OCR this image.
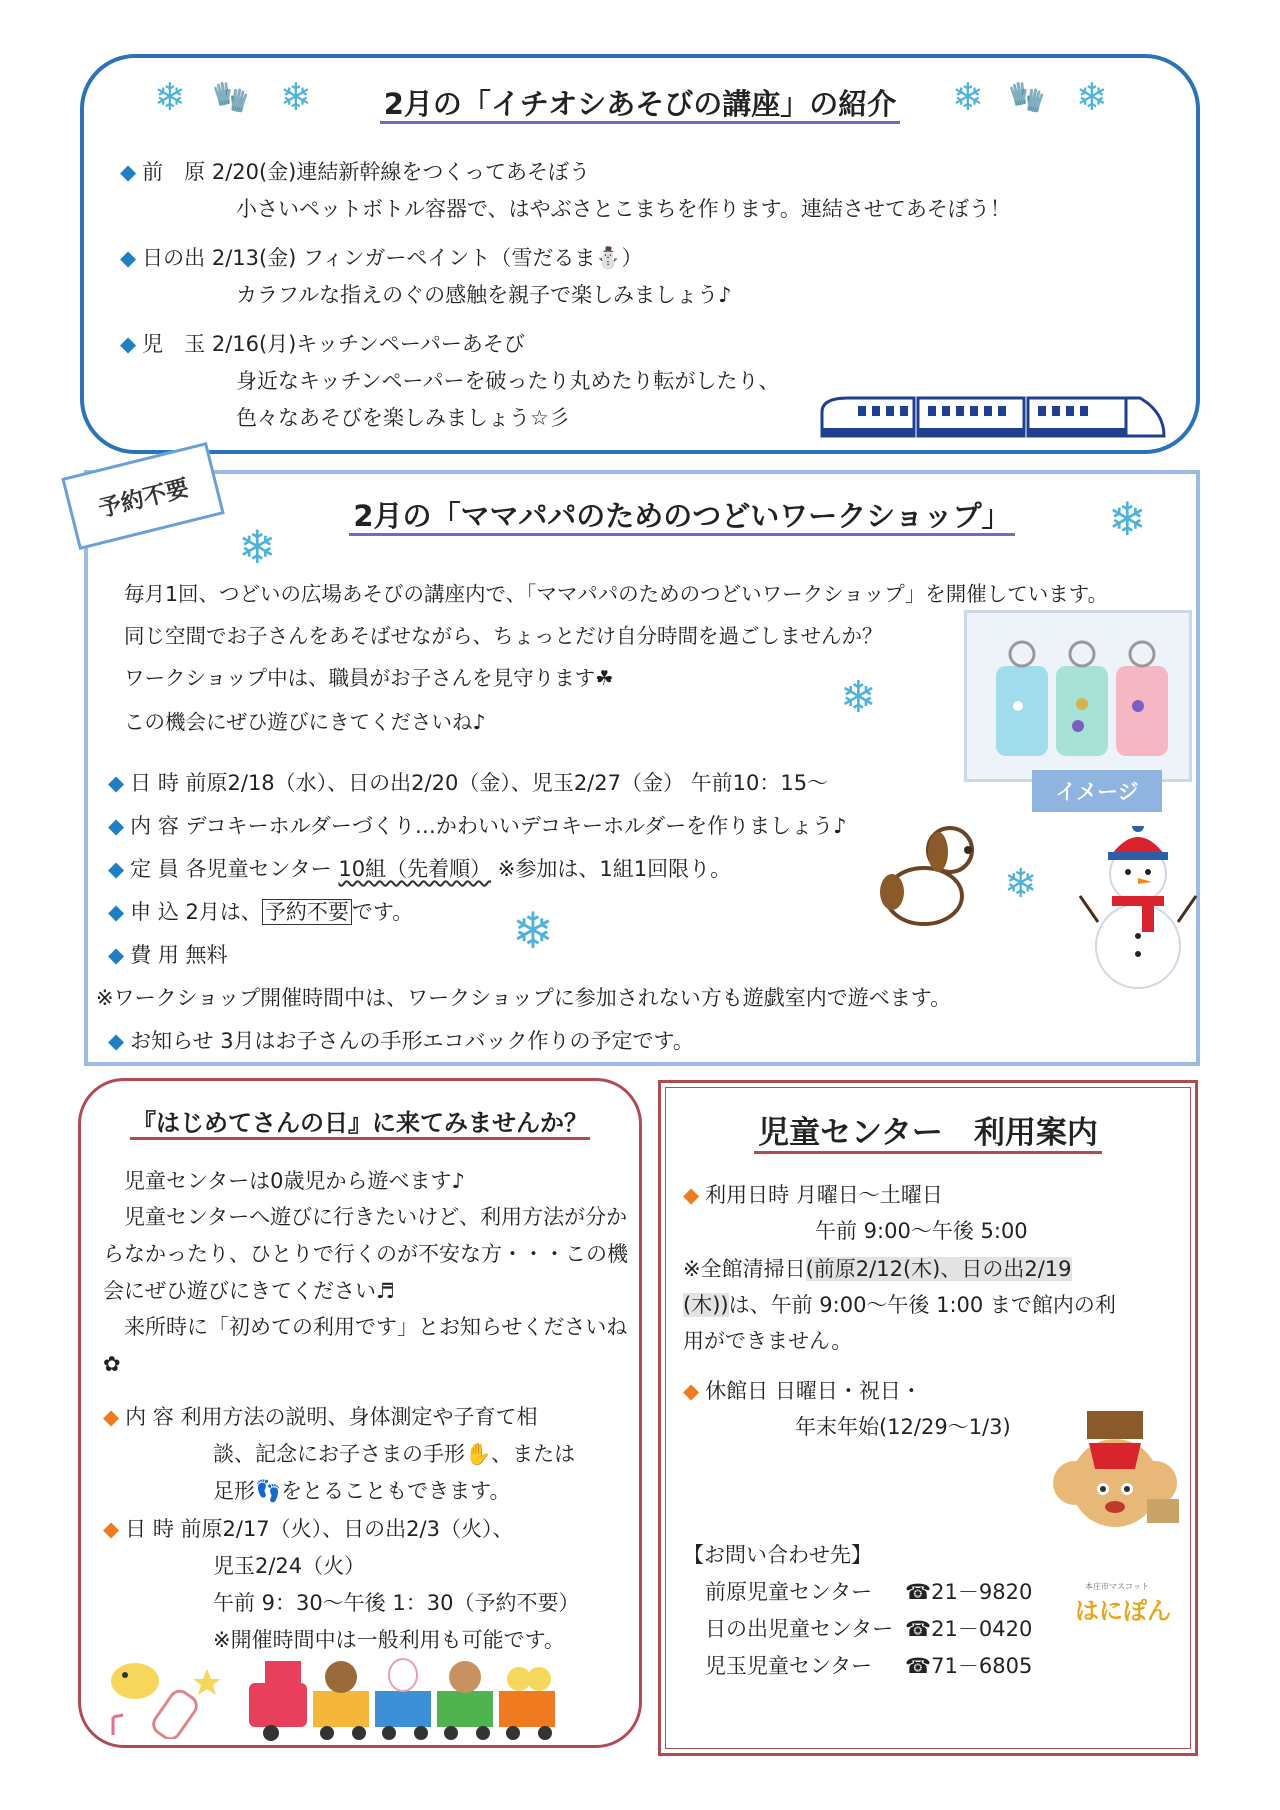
❄ 🧤 ❄	❄ 🧤 ❄
2月の「イチオシあそびの講座」の紹介
◆ 前　原 2/20(金)連結新幹線をつくってあそぼう
小さいペットボトル容器で、はやぶさとこまちを作ります。連結させてあそぼう！
◆ 日の出 2/13(金) フィンガーペイント（雪だるま⛄）
カラフルな指えのぐの感触を親子で楽しみましょう♪
◆ 児　玉 2/16(月)キッチンペーパーあそび
身近なキッチンペーパーを破ったり丸めたり転がしたり、
色々なあそびを楽しみましょう☆彡
予約不要
❄
❄
2月の「ママパパのためのつどいワークショップ」
毎月1回、つどいの広場あそびの講座内で、「ママパパのためのつどいワークショップ」を開催しています。
同じ空間でお子さんをあそばせながら、ちょっとだけ自分時間を過ごしませんか？
ワークショップ中は、職員がお子さんを見守ります☘
この機会にぜひ遊びにきてくださいね♪	❄
イメージ
◆ 日 時 前原2/18（水）、日の出2/20（金）、児玉2/27（金） 午前10：15～
◆ 内 容 デコキーホルダーづくり…かわいいデコキーホルダーを作りましょう♪
◆ 定 員 各児童センター 10組（先着順） ※参加は、1組1回限り。
◆ 申 込 2月は、 予約不要 です。
◆ 費 用 無料
※ワークショップ開催時間中は、ワークショップに参加されない方も遊戯室内で遊べます。
◆ お知らせ 3月はお子さんの手形エコバック作りの予定です。
❄
❄
『はじめてさんの日』に来てみませんか？
　児童センターは0歳児から遊べます♪
　児童センターへ遊びに行きたいけど、利用方法が分からなかったり、ひとりで行くのが不安な方・・・この機会にぜひ遊びにきてください♬
　来所時に「初めての利用です」とお知らせくださいね✿
◆ 内 容 利用方法の説明、身体測定や子育て相
談、記念にお子さまの手形✋、または
足形👣をとることもできます。
◆ 日 時 前原2/17（火）、日の出2/3（火）、
児玉2/24（火）
午前 9：30～午後 1：30（予約不要）
※開催時間中は一般利用も可能です。
児童センター　利用案内
◆ 利用日時 月曜日～土曜日
午前 9:00～午後 5:00
※全館清掃日(前原2/12(木)、日の出2/19
(木))は、午前 9:00～午後 1:00 まで館内の利
用ができません。
◆ 休館日 日曜日・祝日・
年末年始(12/29～1/3)
【お問い合わせ先】
前原児童センター	☎21－9820
日の出児童センター ☎21－0420
児玉児童センター	☎71－6805
本庄市マスコット
はにぽん
